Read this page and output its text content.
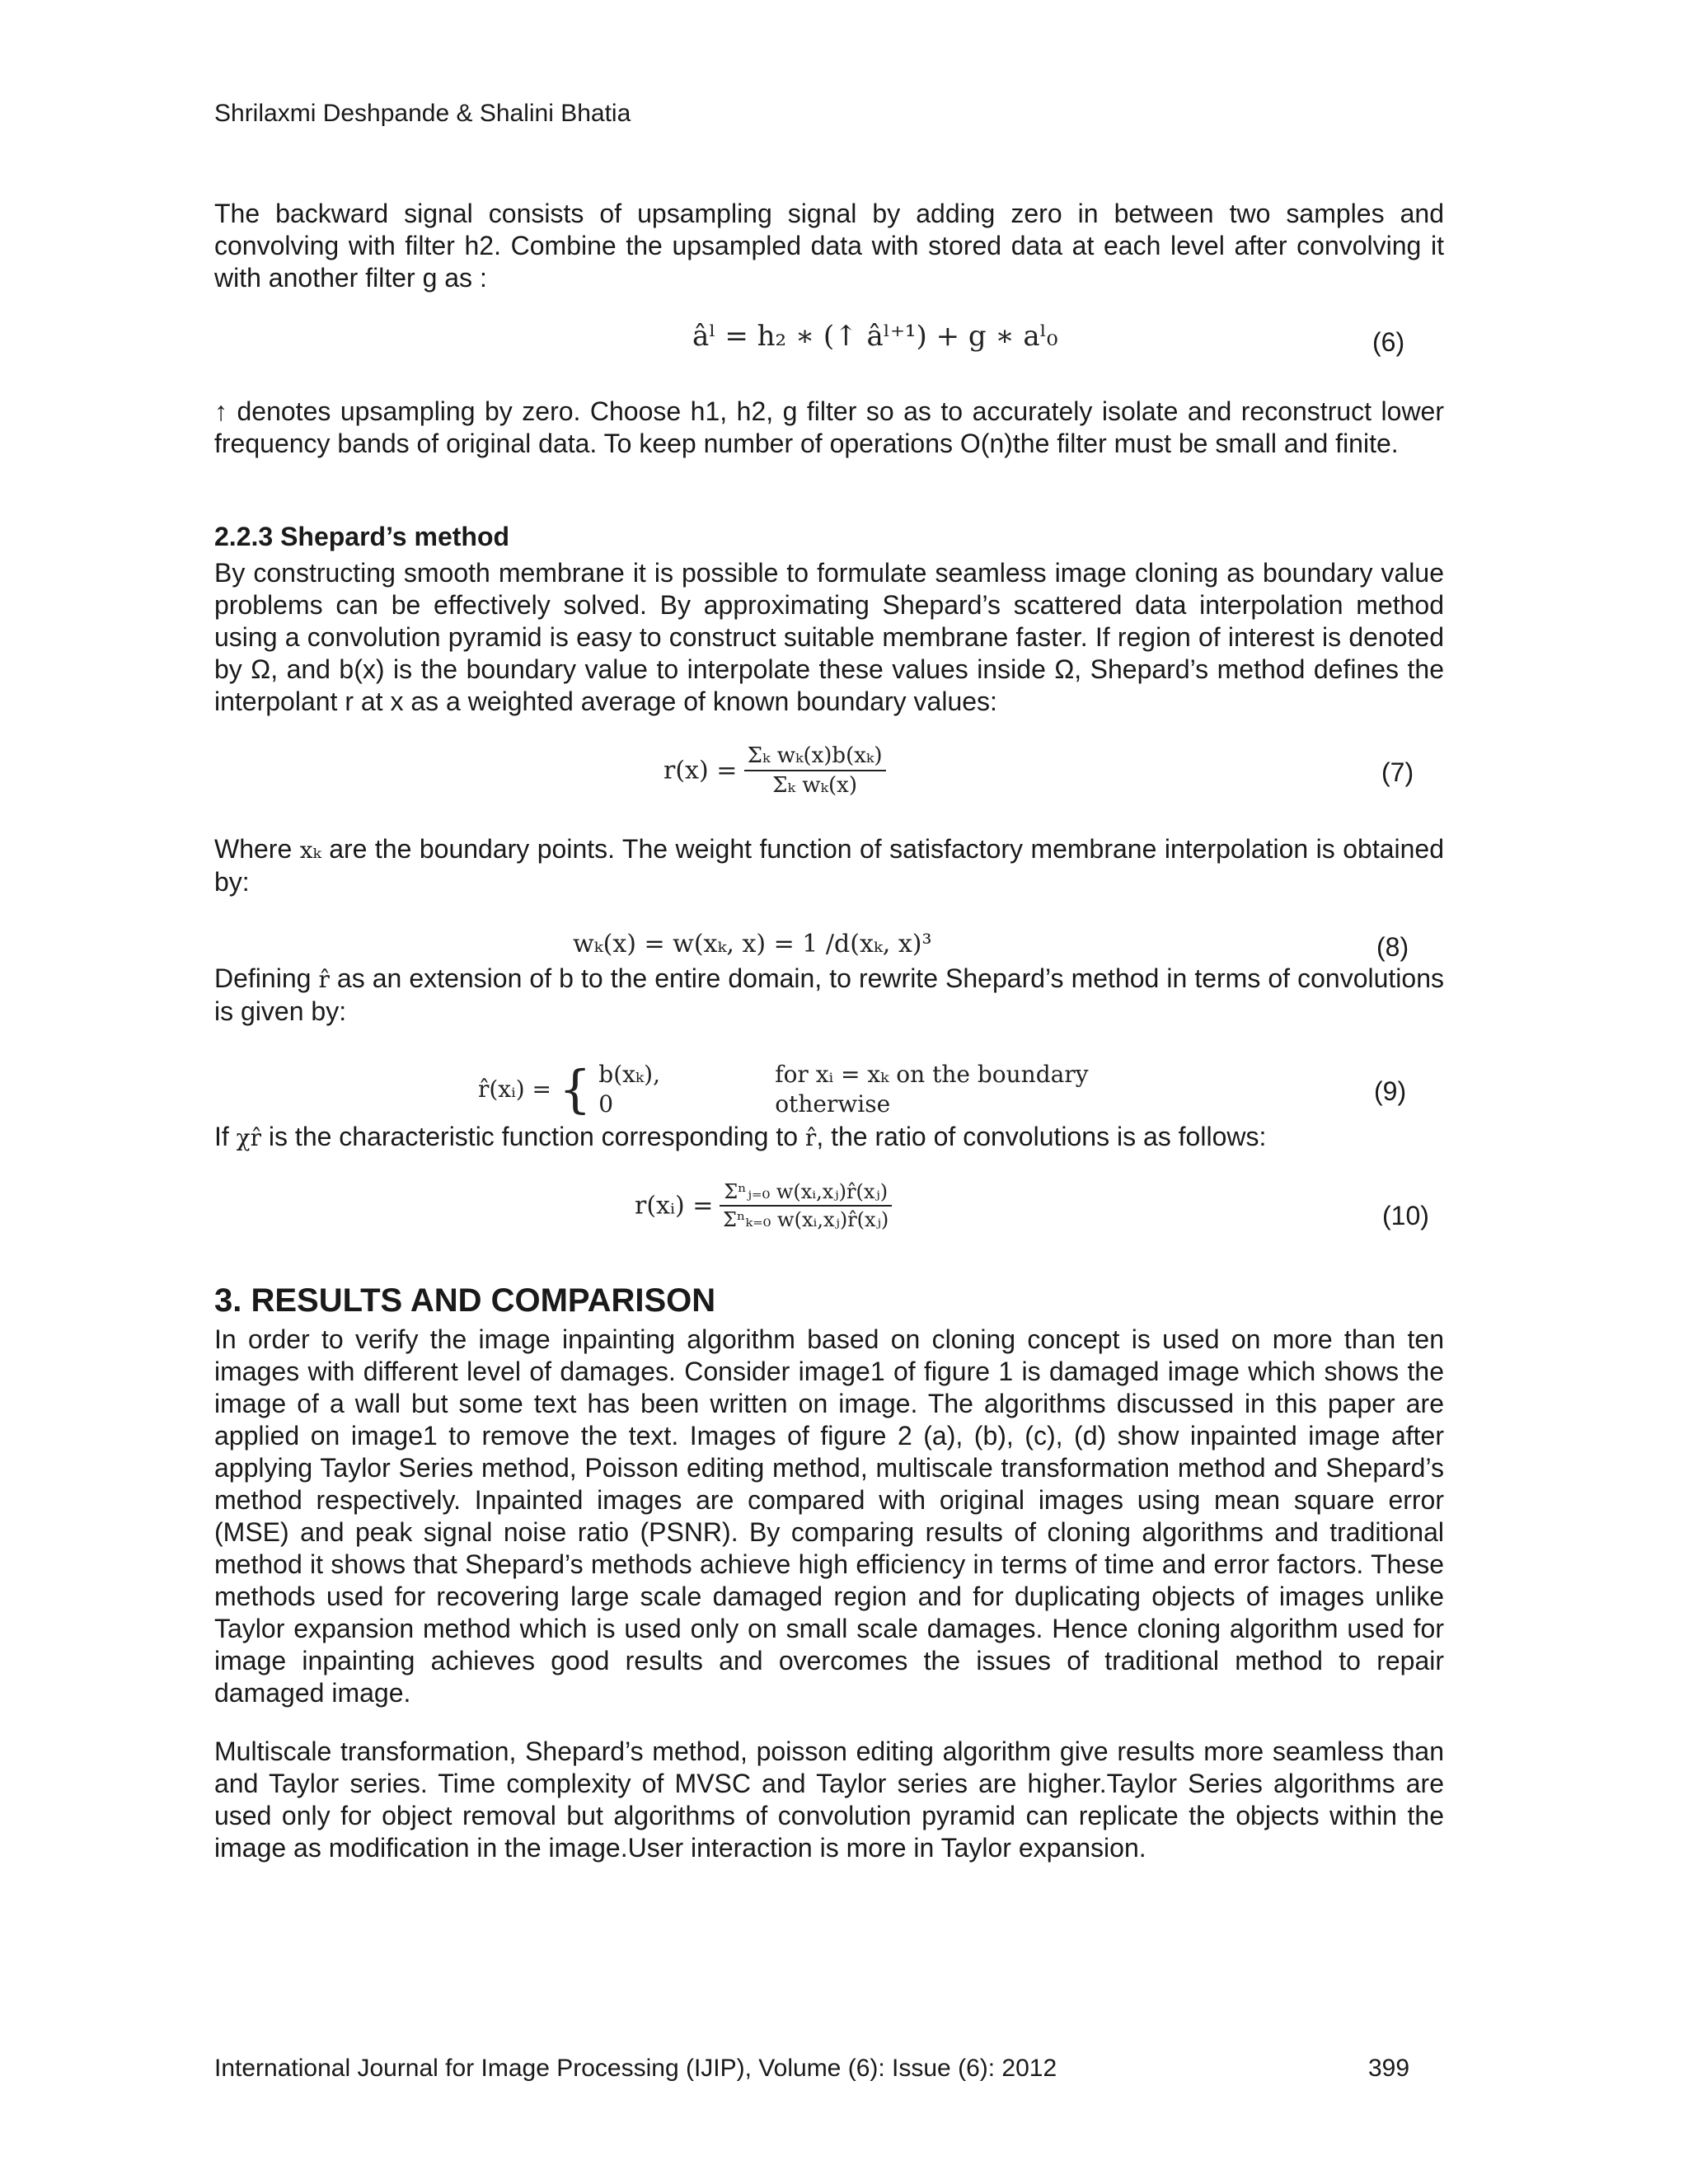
Shrilaxmi Deshpande & Shalini Bhatia

The backward signal consists of upsampling signal by adding zero in between two samples and convolving with filter h2. Combine the upsampled data with stored data at each level after convolving it with another filter g as :

âˡ = h₂ ∗ (↑ âˡ⁺¹) + g ∗ aˡ₀	(6)

↑ denotes upsampling by zero. Choose h1, h2, g filter so as to accurately isolate and reconstruct lower frequency bands of original data. To keep number of operations O(n)the filter must be small and finite.

2.2.3 Shepard’s method

By constructing smooth membrane it is possible to formulate seamless image cloning as boundary value problems can be effectively solved. By approximating Shepard’s scattered data interpolation method using a convolution pyramid is easy to construct suitable membrane faster. If region of interest is denoted by Ω, and b(x) is the boundary value to interpolate these values inside Ω, Shepard’s method defines the interpolant r at x as a weighted average of known boundary values:

$r(x) = \frac{\text{Σₖ wₖ(x)b(xₖ)}}{\text{Σₖ wₖ(x)}}$	(7)

Where xₖ are the boundary points. The weight function of satisfactory membrane interpolation is obtained by:

wₖ(x) = w(xₖ, x) = 1 /d(xₖ, x)³	(8)

Defining r̂ as an extension of b to the entire domain, to rewrite Shepard’s method in terms of convolutions is given by:

r̂(xᵢ) = { b(xₖ),	for xᵢ = xₖ on the boundary
0	otherwise	(9)

If χr̂ is the characteristic function corresponding to r̂, the ratio of convolutions is as follows:

r(xᵢ) = $\frac{\text{Σⁿⱼ₌₀ w(xᵢ,xⱼ)r̂(xⱼ)}}{\text{Σⁿₖ₌₀ w(xᵢ,xⱼ)r̂(xⱼ)}}$	(10)
3. RESULTS AND COMPARISON

In order to verify the image inpainting algorithm based on cloning concept is used on more than ten images with different level of damages. Consider image1 of figure 1 is damaged image which shows the image of a wall but some text has been written on image. The algorithms discussed in this paper are applied on image1 to remove the text. Images of figure 2 (a), (b), (c), (d) show inpainted image after applying Taylor Series method, Poisson editing method, multiscale transformation method and Shepard’s method respectively. Inpainted images are compared with original images using mean square error (MSE) and peak signal noise ratio (PSNR). By comparing results of cloning algorithms and traditional method it shows that Shepard’s methods achieve high efficiency in terms of time and error factors. These methods used for recovering large scale damaged region and for duplicating objects of images unlike Taylor expansion method which is used only on small scale damages. Hence cloning algorithm used for image inpainting achieves good results and overcomes the issues of traditional method to repair damaged image.

Multiscale transformation, Shepard’s method, poisson editing algorithm give results more seamless than and Taylor series. Time complexity of MVSC and Taylor series are higher.Taylor Series algorithms are used only for object removal but algorithms of convolution pyramid can replicate the objects within the image as modification in the image.User interaction is more in Taylor expansion.

International Journal for Image Processing (IJIP), Volume (6): Issue (6): 2012	399
